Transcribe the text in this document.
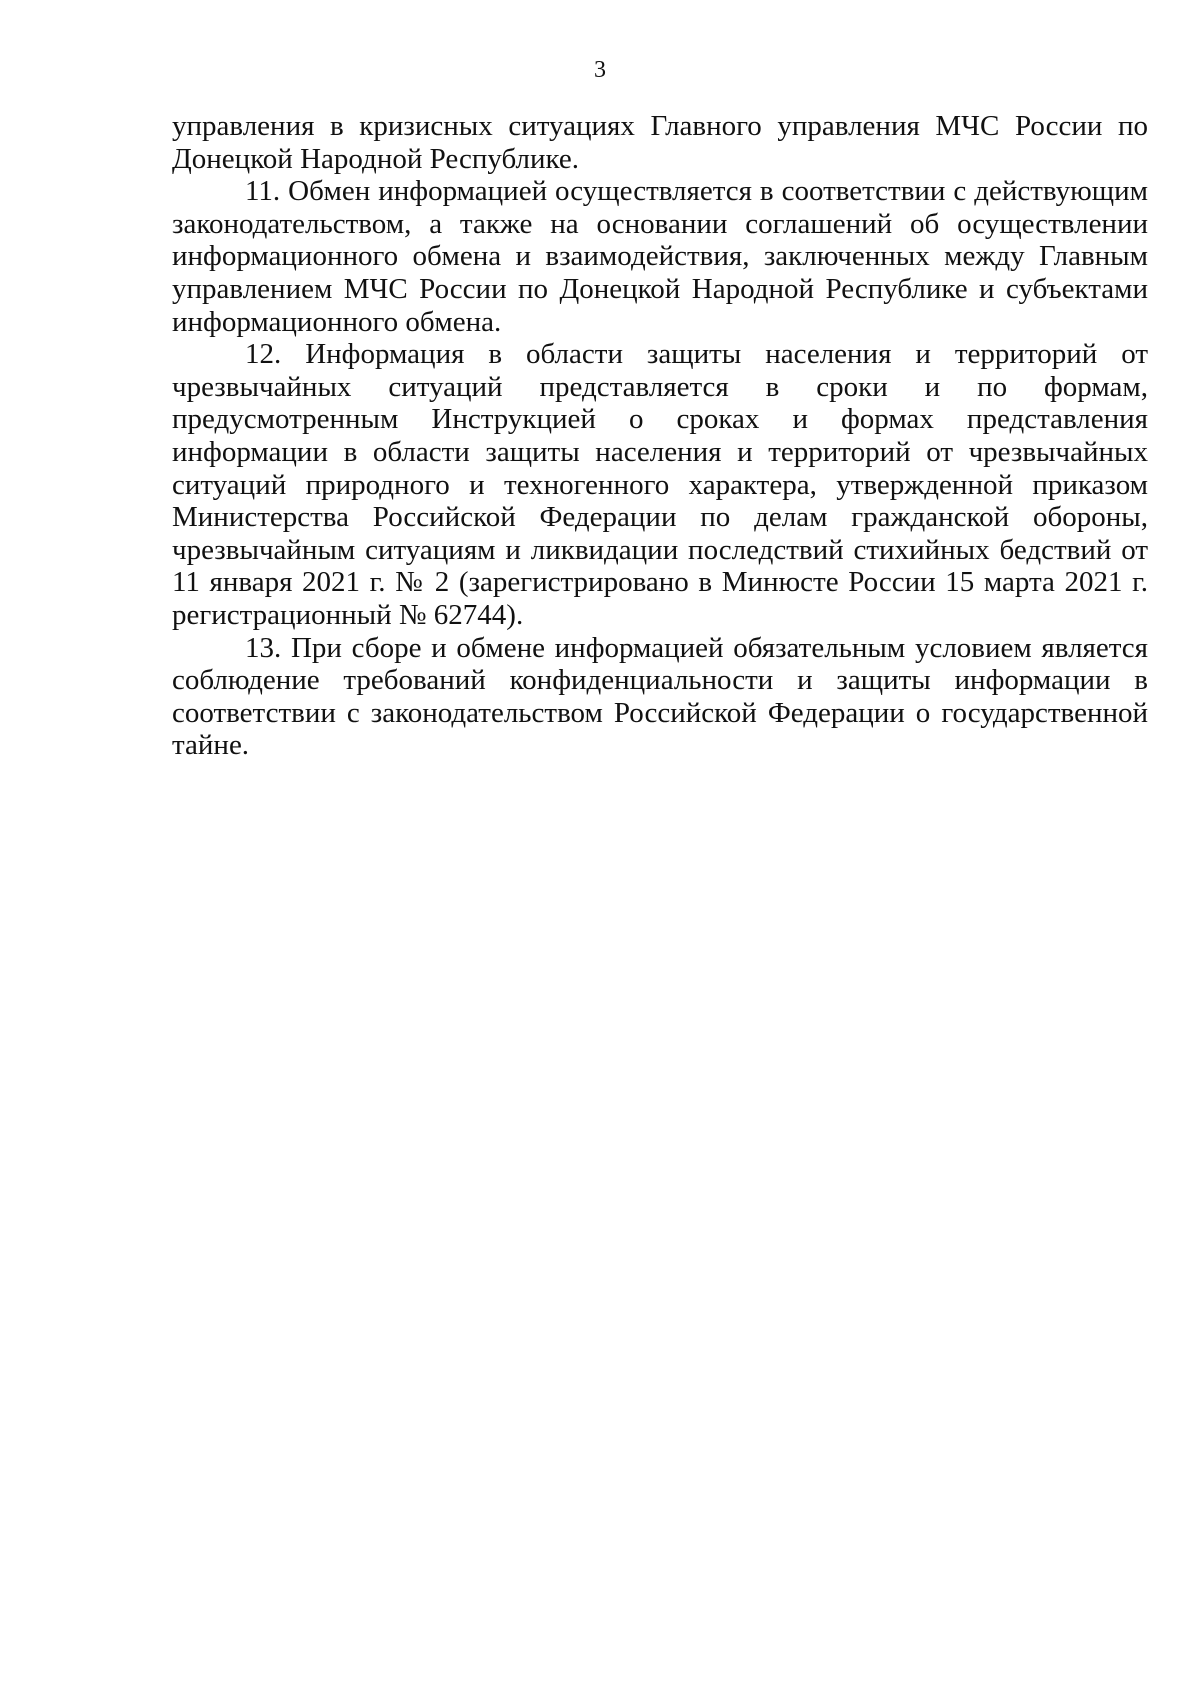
3

управления в кризисных ситуациях Главного управления МЧС России по Донецкой Народной Республике.

11. Обмен информацией осуществляется в соответствии с действующим законодательством, а также на основании соглашений об осуществлении информационного обмена и взаимодействия, заключенных между Главным управлением МЧС России по Донецкой Народной Республике и субъектами информационного обмена.

12. Информация в области защиты населения и территорий от чрезвычайных ситуаций представляется в сроки и по формам, предусмотренным Инструкцией о сроках и формах представления информации в области защиты населения и территорий от чрезвычайных ситуаций природного и техногенного характера, утвержденной приказом Министерства Российской Федерации по делам гражданской обороны, чрезвычайным ситуациям и ликвидации последствий стихийных бедствий от 11 января 2021 г. № 2 (зарегистрировано в Минюсте России 15 марта 2021 г. регистрационный № 62744).

13. При сборе и обмене информацией обязательным условием является соблюдение требований конфиденциальности и защиты информации в соответствии с законодательством Российской Федерации о государственной тайне.
